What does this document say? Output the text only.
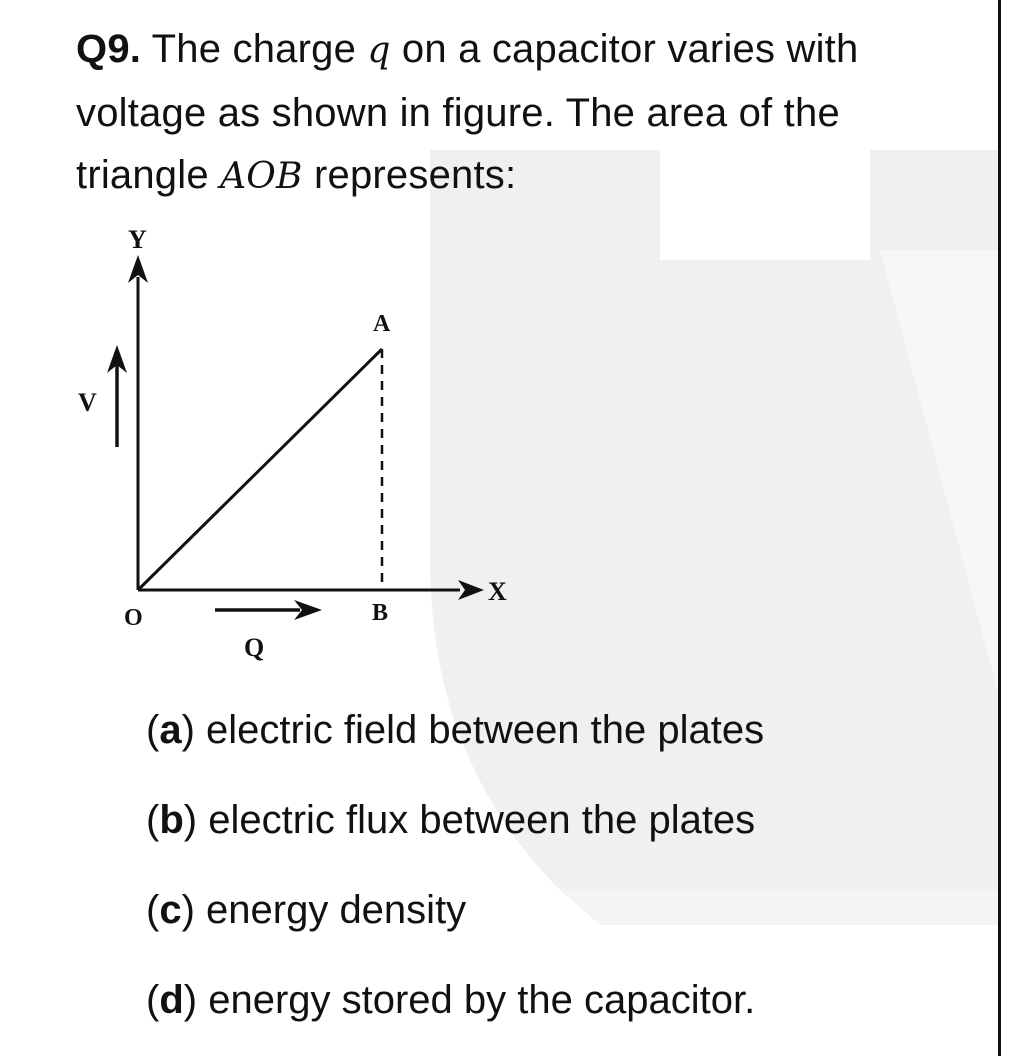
Q9. The charge q on a capacitor varies with voltage as shown in figure. The area of the triangle AOB represents:
Y
X
O
A
B
V
Q
(a) electric field between the plates
(b) electric flux between the plates
(c) energy density
(d) energy stored by the capacitor.
